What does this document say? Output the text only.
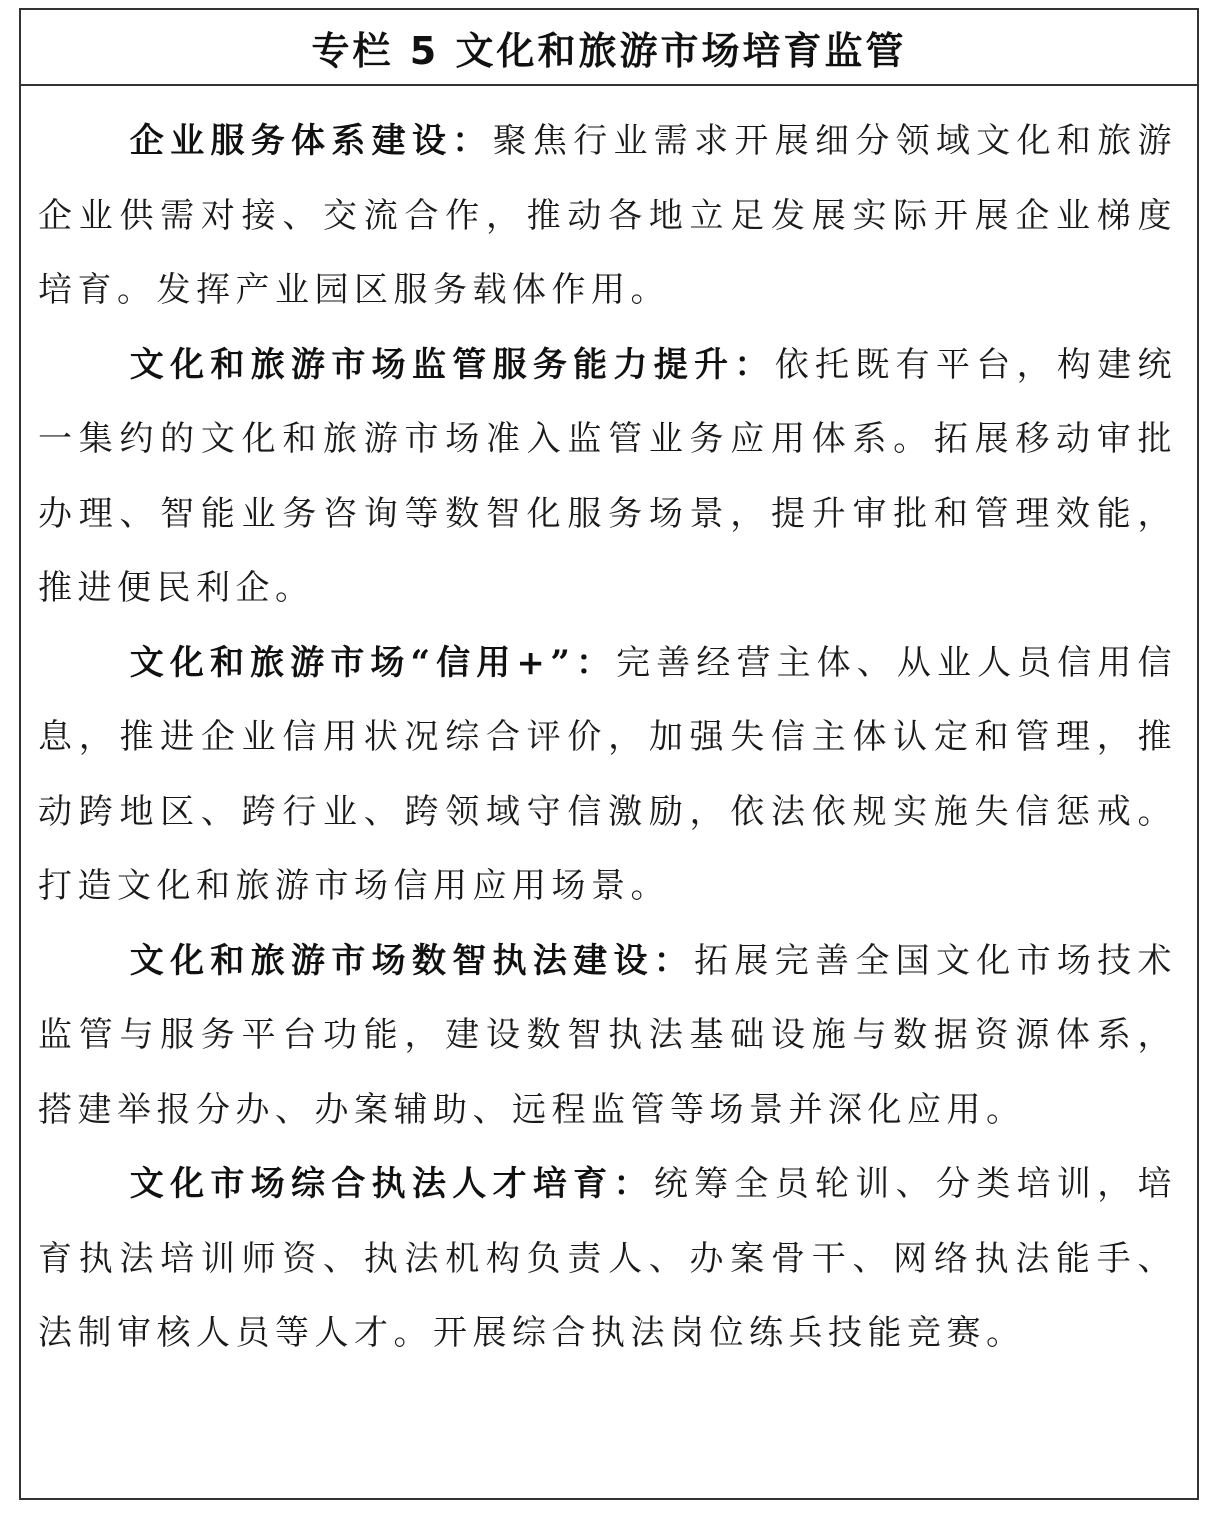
专栏 5 文化和旅游市场培育监管

企业服务体系建设：聚焦行业需求开展细分领域文化和旅游企业供需对接、交流合作，推动各地立足发展实际开展企业梯度培育。发挥产业园区服务载体作用。

文化和旅游市场监管服务能力提升：依托既有平台，构建统一集约的文化和旅游市场准入监管业务应用体系。拓展移动审批办理、智能业务咨询等数智化服务场景，提升审批和管理效能，推进便民利企。

文化和旅游市场“信用+”：完善经营主体、从业人员信用信息，推进企业信用状况综合评价，加强失信主体认定和管理，推动跨地区、跨行业、跨领域守信激励，依法依规实施失信惩戒。打造文化和旅游市场信用应用场景。

文化和旅游市场数智执法建设：拓展完善全国文化市场技术监管与服务平台功能，建设数智执法基础设施与数据资源体系，搭建举报分办、办案辅助、远程监管等场景并深化应用。

文化市场综合执法人才培育：统筹全员轮训、分类培训，培育执法培训师资、执法机构负责人、办案骨干、网络执法能手、法制审核人员等人才。开展综合执法岗位练兵技能竞赛。
